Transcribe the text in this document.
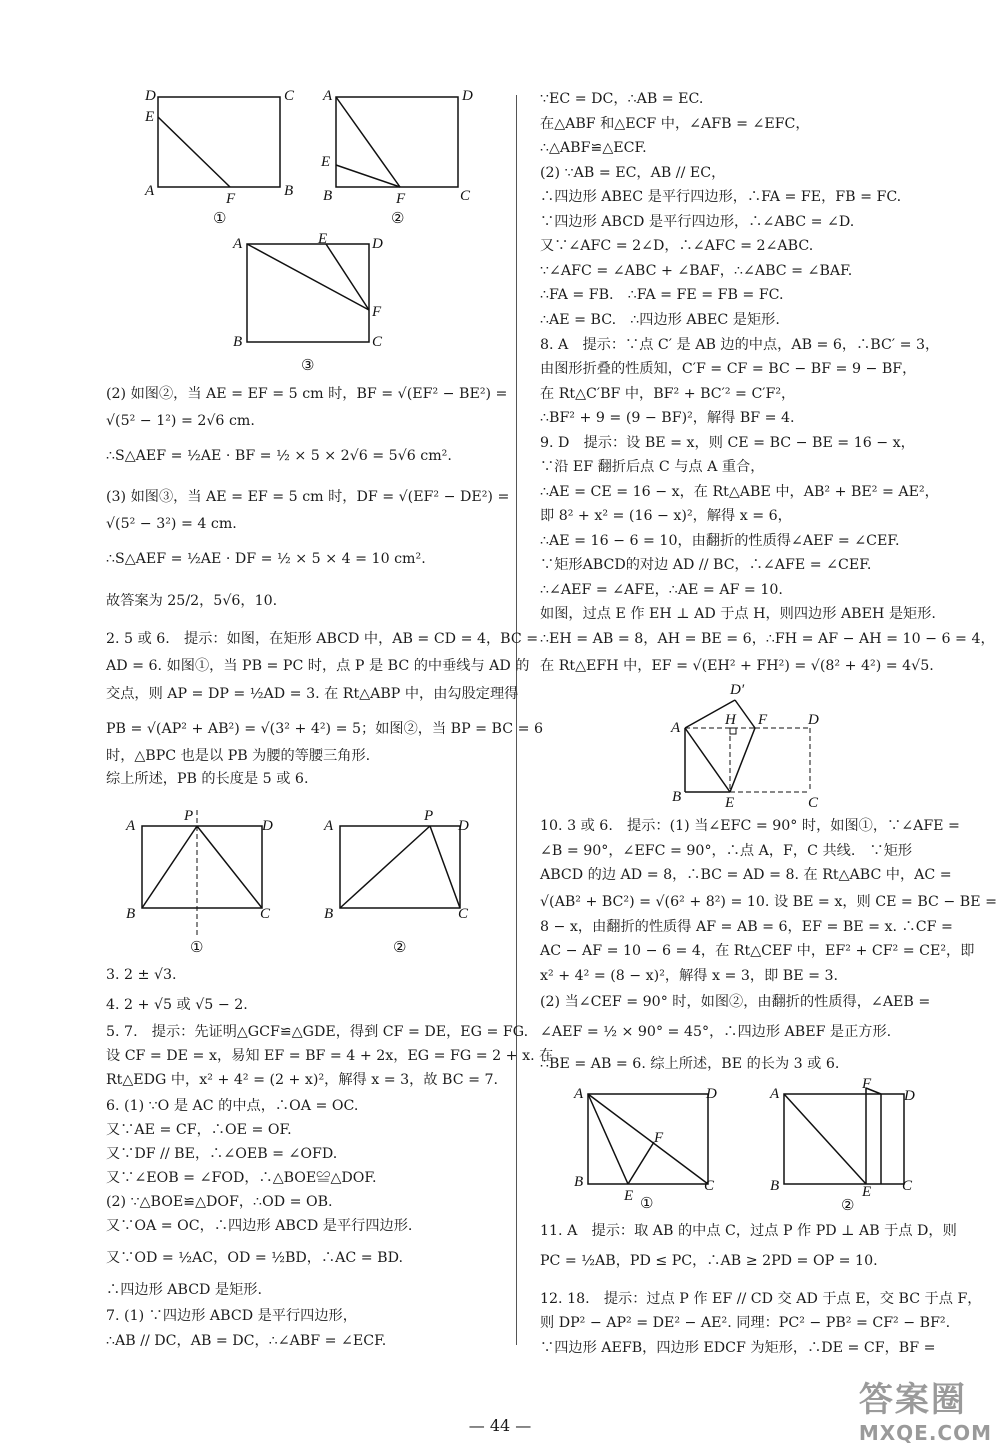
D	C
E
A	F	B
①
A	D
E
B	F	C
②
A	E	D
F
B	C
③
A
P
D
B	C
①
A
P
D
B	C
②
D′
A	H F	D
B	E	C
A	D
F
B
E
C
①
F
A	D
B	E C
②
(2) 如图②，当 AE = EF = 5 cm 时，BF = √(EF² − BE²) =
√(5² − 1²) = 2√6 cm.
∴S△AEF = ½AE · BF = ½ × 5 × 2√6 = 5√6 cm².
(3) 如图③，当 AE = EF = 5 cm 时，DF = √(EF² − DE²) =
√(5² − 3²) = 4 cm.
∴S△AEF = ½AE · DF = ½ × 5 × 4 = 10 cm².
故答案为 25/2，5√6，10.
2. 5 或 6.　提示：如图，在矩形 ABCD 中，AB = CD = 4，BC =
AD = 6. 如图①，当 PB = PC 时，点 P 是 BC 的中垂线与 AD 的
交点，则 AP = DP = ½AD = 3. 在 Rt△ABP 中，由勾股定理得
PB = √(AP² + AB²) = √(3² + 4²) = 5；如图②，当 BP = BC = 6
时，△BPC 也是以 PB 为腰的等腰三角形.
综上所述，PB 的长度是 5 或 6.
3. 2 ± √3.
4. 2 + √5 或 √5 − 2.
5. 7.　提示：先证明△GCF≌△GDE，得到 CF = DE，EG = FG.
设 CF = DE = x，易知 EF = BF = 4 + 2x，EG = FG = 2 + x. 在
Rt△EDG 中，x² + 4² = (2 + x)²，解得 x = 3，故 BC = 7.
6. (1) ∵O 是 AC 的中点，∴OA = OC.
又∵AE = CF，∴OE = OF.
又∵DF // BE，∴∠OEB = ∠OFD.
又∵∠EOB = ∠FOD，∴△BOE≌△DOF.
(2) ∵△BOE≌△DOF，∴OD = OB.
又∵OA = OC，∴四边形 ABCD 是平行四边形.
又∵OD = ½AC，OD = ½BD，∴AC = BD.
∴四边形 ABCD 是矩形.
7. (1) ∵四边形 ABCD 是平行四边形，
∴AB // DC，AB = DC，∴∠ABF = ∠ECF.
∵EC = DC，∴AB = EC.
在△ABF 和△ECF 中，∠AFB = ∠EFC，
∴△ABF≌△ECF.
(2) ∵AB = EC，AB // EC，
∴四边形 ABEC 是平行四边形，∴FA = FE，FB = FC.
∵四边形 ABCD 是平行四边形，∴∠ABC = ∠D.
又∵∠AFC = 2∠D，∴∠AFC = 2∠ABC.
∵∠AFC = ∠ABC + ∠BAF，∴∠ABC = ∠BAF.
∴FA = FB.　∴FA = FE = FB = FC.
∴AE = BC.　∴四边形 ABEC 是矩形.
8. A　提示：∵点 C′ 是 AB 边的中点，AB = 6，∴BC′ = 3，
由图形折叠的性质知，C′F = CF = BC − BF = 9 − BF，
在 Rt△C′BF 中，BF² + BC′² = C′F²，
∴BF² + 9 = (9 − BF)²，解得 BF = 4.
9. D　提示：设 BE = x，则 CE = BC − BE = 16 − x，
∵沿 EF 翻折后点 C 与点 A 重合，
∴AE = CE = 16 − x，在 Rt△ABE 中，AB² + BE² = AE²，
即 8² + x² = (16 − x)²，解得 x = 6，
∴AE = 16 − 6 = 10，由翻折的性质得∠AEF = ∠CEF.
∵矩形ABCD的对边 AD // BC，∴∠AFE = ∠CEF.
∴∠AEF = ∠AFE，∴AE = AF = 10.
如图，过点 E 作 EH ⊥ AD 于点 H，则四边形 ABEH 是矩形.
∴EH = AB = 8，AH = BE = 6，∴FH = AF − AH = 10 − 6 = 4，
在 Rt△EFH 中，EF = √(EH² + FH²) = √(8² + 4²) = 4√5.
10. 3 或 6.　提示：(1) 当∠EFC = 90° 时，如图①，∵∠AFE =
∠B = 90°，∠EFC = 90°，∴点 A，F，C 共线.　∵矩形
ABCD 的边 AD = 8，∴BC = AD = 8. 在 Rt△ABC 中，AC =
√(AB² + BC²) = √(6² + 8²) = 10. 设 BE = x，则 CE = BC − BE =
8 − x，由翻折的性质得 AF = AB = 6，EF = BE = x. ∴CF =
AC − AF = 10 − 6 = 4，在 Rt△CEF 中，EF² + CF² = CE²，即
x² + 4² = (8 − x)²，解得 x = 3，即 BE = 3.
(2) 当∠CEF = 90° 时，如图②，由翻折的性质得，∠AEB =
∠AEF = ½ × 90° = 45°，∴四边形 ABEF 是正方形.
∴BE = AB = 6. 综上所述，BE 的长为 3 或 6.
11. A　提示：取 AB 的中点 C，过点 P 作 PD ⊥ AB 于点 D，则
PC = ½AB，PD ≤ PC，∴AB ≥ 2PD = OP = 10.
12. 18.　提示：过点 P 作 EF // CD 交 AD 于点 E，交 BC 于点 F，
则 DP² − AP² = DE² − AE². 同理：PC² − PB² = CF² − BF².
∵四边形 AEFB，四边形 EDCF 为矩形，∴DE = CF，BF =
— 44 —
答案圈
MXQE.COM
